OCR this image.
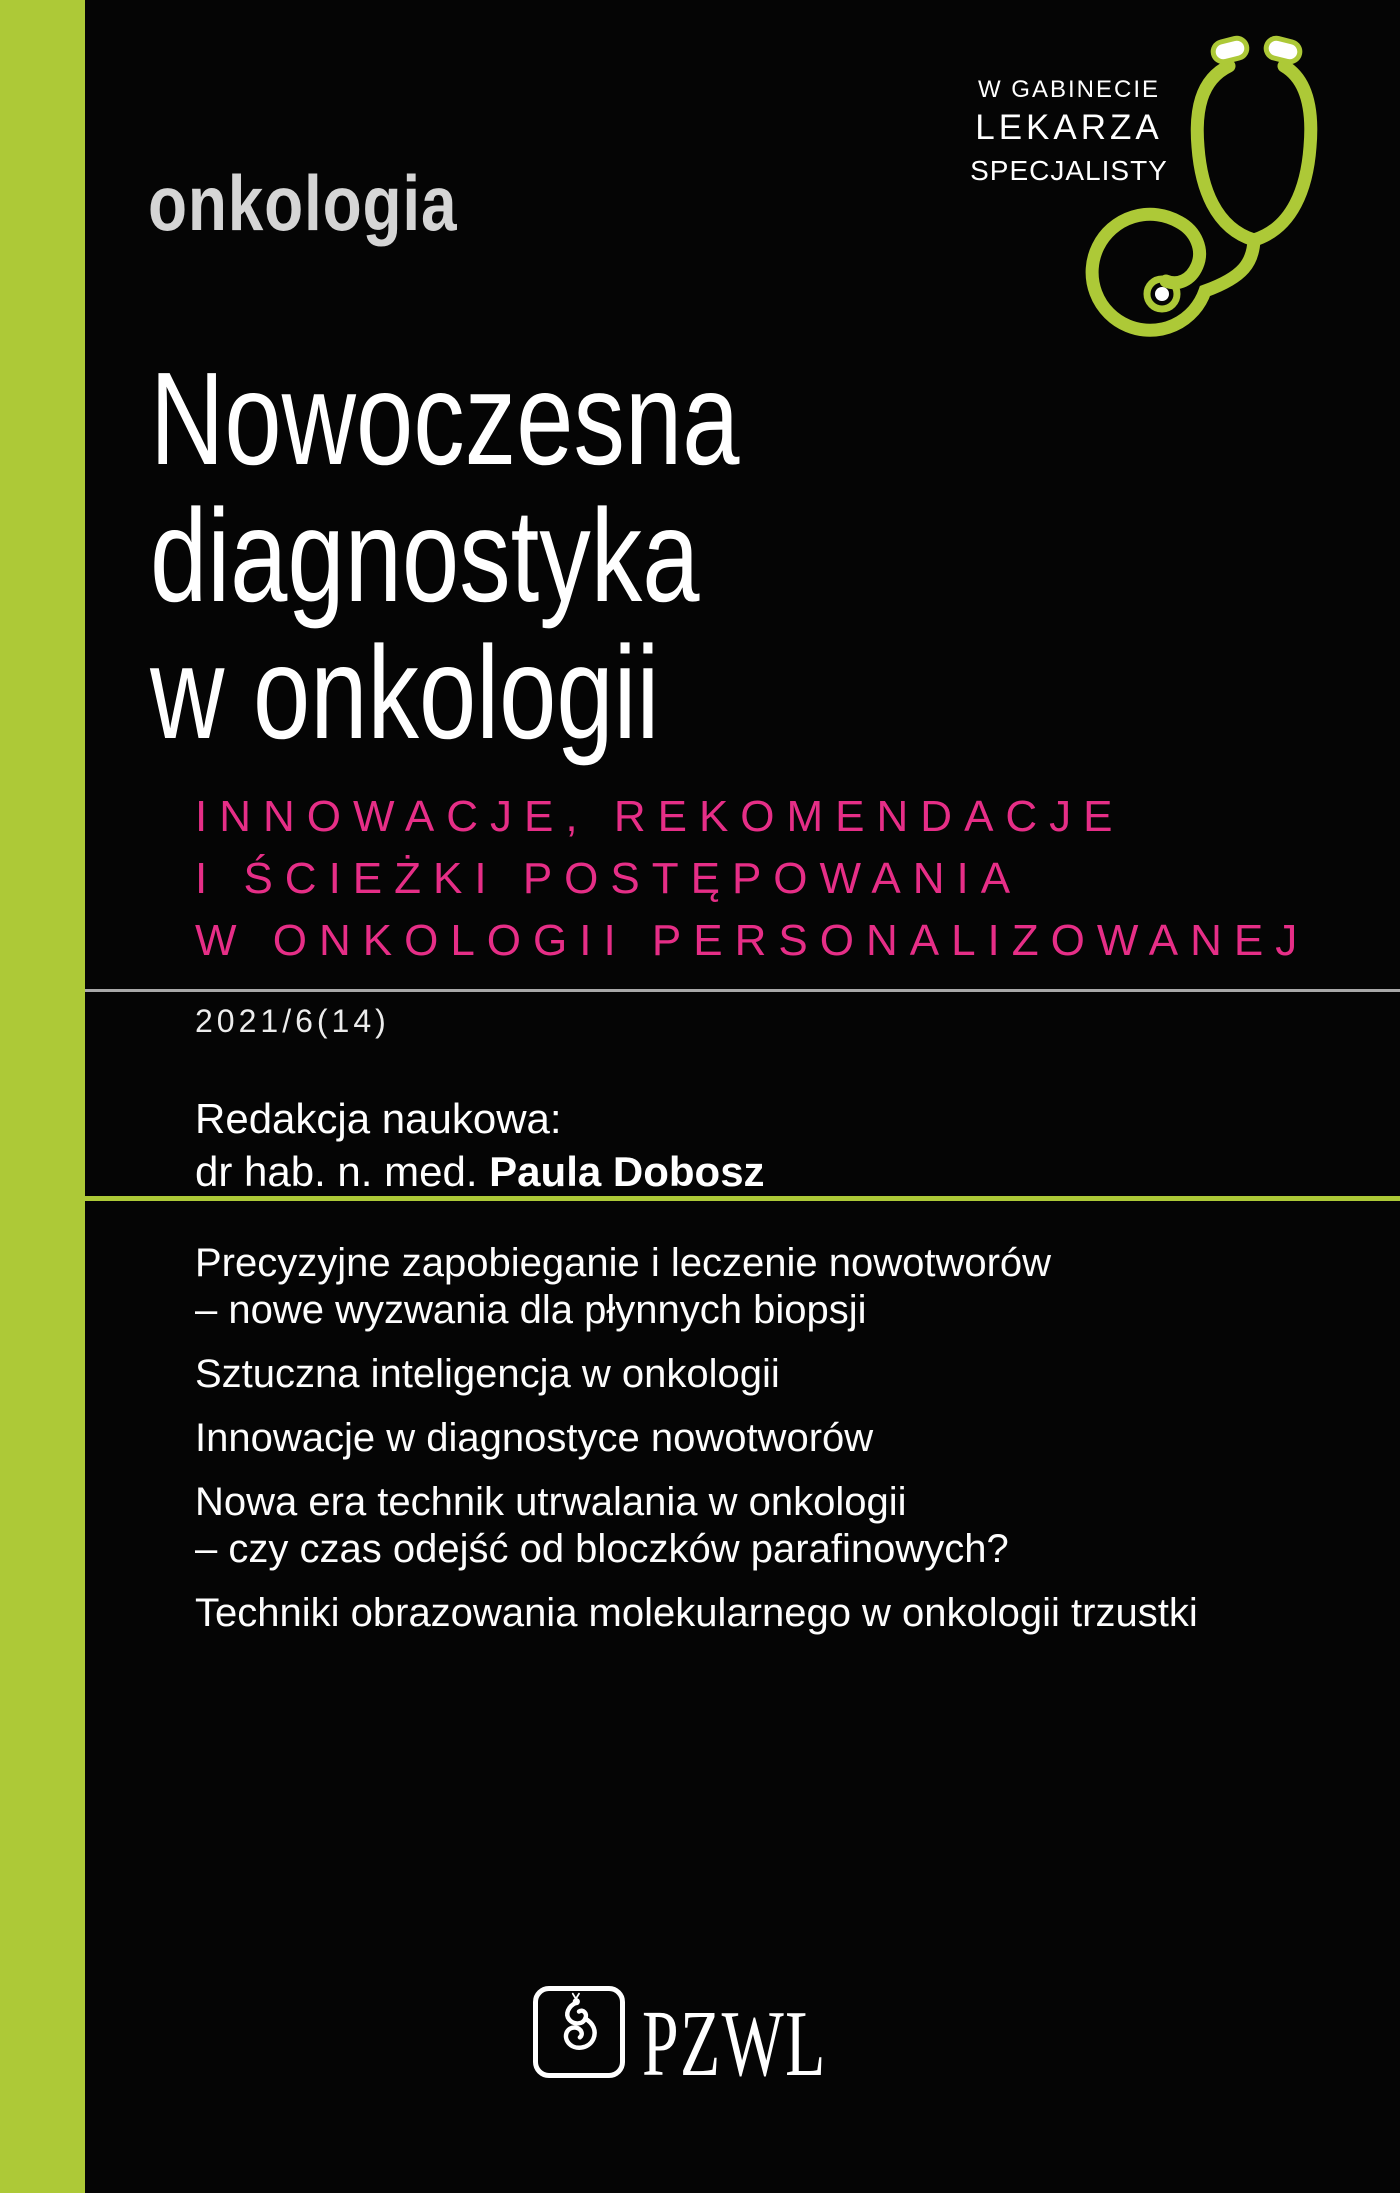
onkologia
W GABINECIE
LEKARZA
SPECJALISTY
Nowoczesna
diagnostyka
w onkologii
INNOWACJE, REKOMENDACJE
I ŚCIEŻKI POSTĘPOWANIA
W ONKOLOGII PERSONALIZOWANEJ
2021/6(14)
Redakcja naukowa:
dr hab. n. med. Paula Dobosz
Precyzyjne zapobieganie i leczenie nowotworów
– nowe wyzwania dla płynnych biopsji
Sztuczna inteligencja w onkologii
Innowacje w diagnostyce nowotworów
Nowa era technik utrwalania w onkologii
– czy czas odejść od bloczków parafinowych?
Techniki obrazowania molekularnego w onkologii trzustki
PZWL
